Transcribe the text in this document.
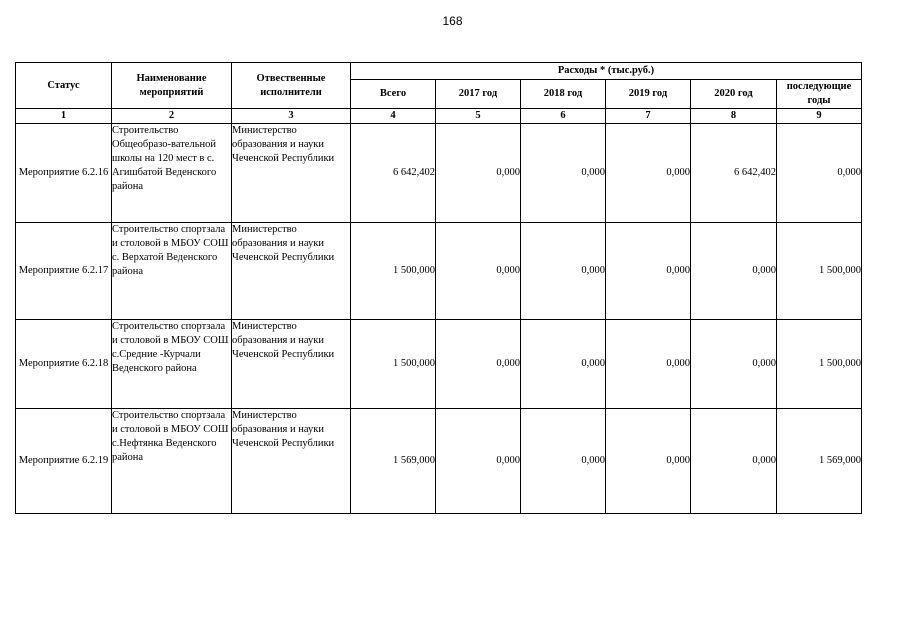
168
Статус	Наименование мероприятий	Отвественные исполнители	Расходы * (тыс.руб.)					
			Всего	2017 год	2018 год	2019 год	2020 год	последующие годы
1	2	3	4	5	6	7	8	9
Мероприятие 6.2.16	Строительство Общеобразо-вательной школы на 120 мест в с. Агишбатой Веденского района	Министерство образования и науки Чеченской Республики	6 642,402	0,000	0,000	0,000	6 642,402	0,000
Мероприятие 6.2.17	Строительство спортзала и столовой в МБОУ СОШ с. Верхатой Веденского района	Министерство образования и науки Чеченской Республики	1 500,000	0,000	0,000	0,000	0,000	1 500,000
Мероприятие 6.2.18	Строительство спортзала и столовой в МБОУ СОШ с.Средние -Курчали Веденского района	Министерство образования и науки Чеченской Республики	1 500,000	0,000	0,000	0,000	0,000	1 500,000
Мероприятие 6.2.19	Строительство спортзала и столовой в МБОУ СОШ с.Нефтянка Веденского района	Министерство образования и науки Чеченской Республики	1 569,000	0,000	0,000	0,000	0,000	1 569,000
